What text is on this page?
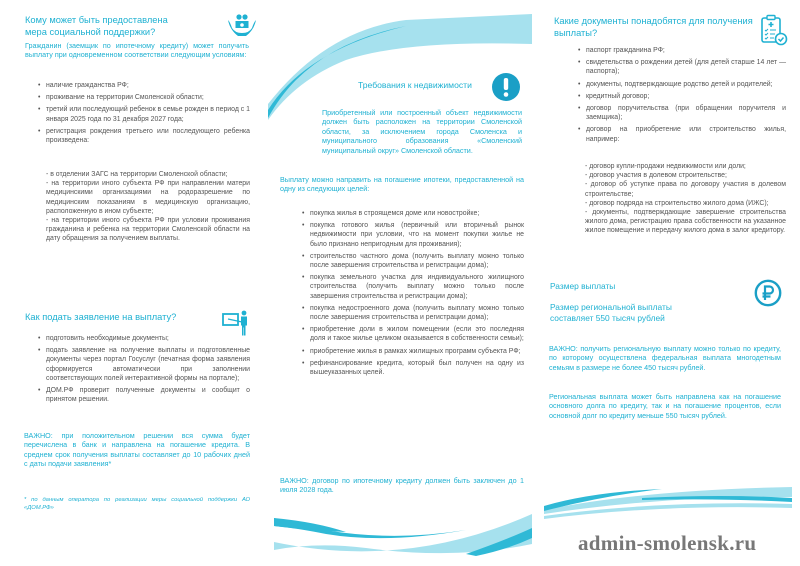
Кому может быть предоставлена
мера социальной поддержки?
Гражданин (заемщик по ипотечному кредиту) может получить выплату при одновременном соответствии следующим условиям:
• наличие гражданства РФ;
• проживание на территории Смоленской области;
• третий или последующий ребенок в семье рожден в период с 1 января 2025 года по 31 декабря 2027 года;
• регистрация рождения третьего или последующего ребенка произведена:
- в отделении ЗАГС на территории Смоленской области;
- на территории иного субъекта РФ при направлении матери медицинскими организациями на родоразрешение по медицинским показаниям в медицинскую организацию, расположенную в ином субъекте;
- на территории иного субъекта РФ при условии проживания гражданина и ребенка на территории Смоленской области на дату обращения за получением выплаты.
Как подать заявление на выплату?
• подготовить необходимые документы;
• подать заявление на получение выплаты и подготовленные документы через портал Госуслуг (печатная форма заявления сформируется автоматически при заполнении соответствующих полей интерактивной формы на портале);
• ДОМ.РФ проверит полученные документы и сообщит о принятом решении.
ВАЖНО: при положительном решении вся сумма будет перечислена в банк и направлена на погашение кредита. В среднем срок получения выплаты составляет до 10 рабочих дней с даты подачи заявления*
* по данным оператора по реализации меры социальной поддержки АО «ДОМ.РФ»
Требования к недвижимости
Приобретенный или построенный объект недвижимости должен быть расположен на территории Смоленской области, за исключением города Смоленска и муниципального образования «Смоленский муниципальный округ» Смоленской области.
Выплату можно направить на погашение ипотеки, предоставленной на одну из следующих целей:
• покупка жилья в строящемся доме или новостройке;
• покупка готового жилья (первичный или вторичный рынок недвижимости при условии, что на момент покупки жилье не было признано непригодным для проживания);
• строительство частного дома (получить выплату можно только после завершения строительства и регистрации дома);
• покупка земельного участка для индивидуального жилищного строительства (получить выплату можно только после завершения строительства и регистрации дома);
• покупка недостроенного дома (получить выплату можно только после завершения строительства и регистрации дома);
• приобретение доли в жилом помещении (если это последняя доля и такое жилье целиком оказывается в собственности семьи);
• приобретение жилья в рамках жилищных программ субъекта РФ;
• рефинансирование кредита, который был получен на одну из вышеуказанных целей.
ВАЖНО: договор по ипотечному кредиту должен быть заключен до 1 июля 2028 года.
Какие документы понадобятся для получения
выплаты?
• паспорт гражданина РФ;
• свидетельства о рождении детей (для детей старше 14 лет —паспорта);
• документы, подтверждающие родство детей и родителей;
• кредитный договор;
• договор поручительства (при обращении поручителя и заемщика);
• договор на приобретение или строительство жилья, например:
- договор купли-продажи недвижимости или доли;
- договор участия в долевом строительстве;
- договор об уступке права по договору участия в долевом строительстве;
- договор подряда на строительство жилого дома (ИЖС);
- документы, подтверждающие завершение строительства жилого дома, регистрацию права собственности на указанное жилое помещение и передачу жилого дома в залог кредитору.
Размер выплаты
Размер региональной выплаты
составляет 550 тысяч рублей
ВАЖНО: получить региональную выплату можно только по кредиту, по которому осуществлена федеральная выплата многодетным семьям в размере не более 450 тысяч рублей.
Региональная выплата может быть направлена как на погашение основного долга по кредиту, так и на погашение процентов, если основной долг по кредиту меньше 550 тысяч рублей.
admin-smolensk.ru
